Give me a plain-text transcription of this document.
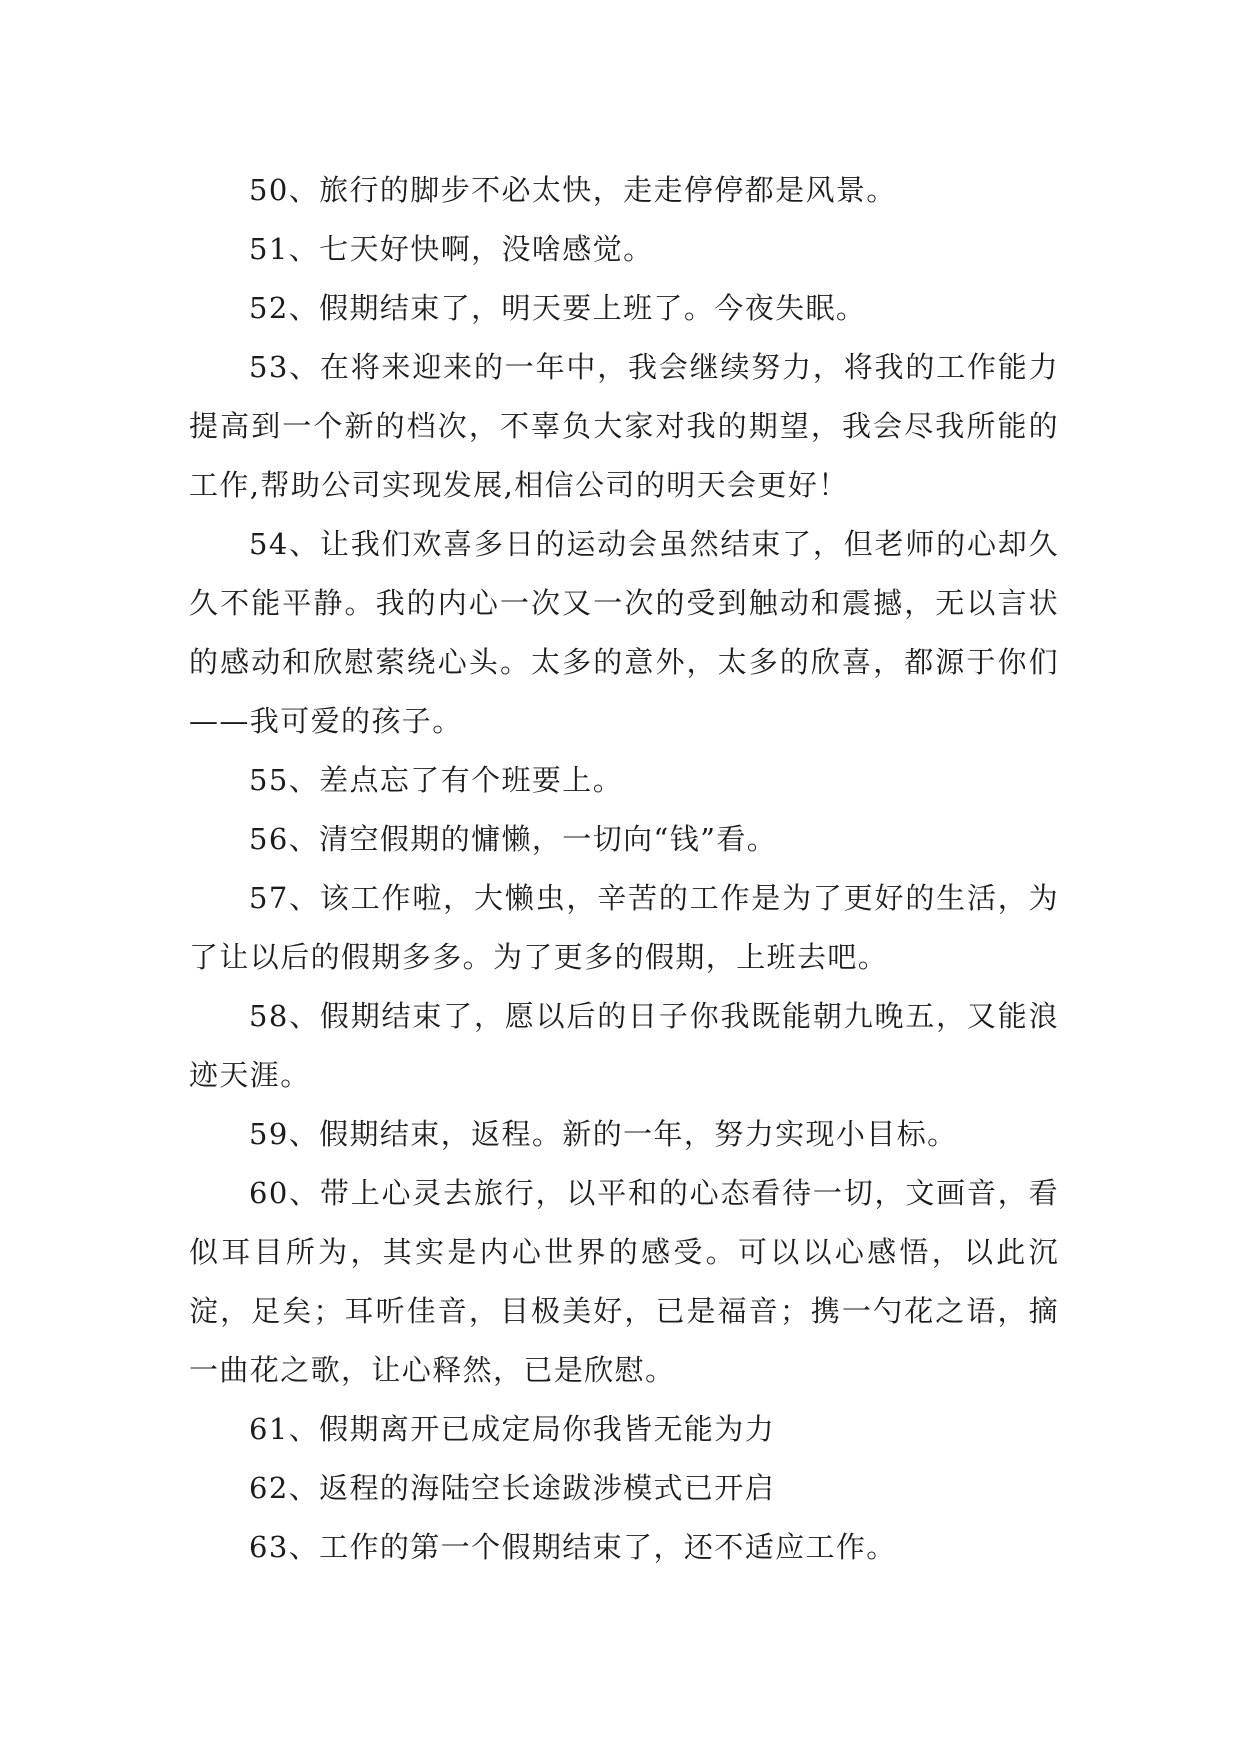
50、旅行的脚步不必太快，走走停停都是风景。

51、七天好快啊，没啥感觉。

52、假期结束了，明天要上班了。今夜失眠。

53、在将来迎来的一年中，我会继续努力，将我的工作能力提高到一个新的档次，不辜负大家对我的期望，我会尽我所能的工作,帮助公司实现发展,相信公司的明天会更好！

54、让我们欢喜多日的运动会虽然结束了，但老师的心却久久不能平静。我的内心一次又一次的受到触动和震撼，无以言状的感动和欣慰萦绕心头。太多的意外，太多的欣喜，都源于你们——我可爱的孩子。

55、差点忘了有个班要上。

56、清空假期的慵懒，一切向“钱”看。

57、该工作啦，大懒虫，辛苦的工作是为了更好的生活，为了让以后的假期多多。为了更多的假期，上班去吧。

58、假期结束了，愿以后的日子你我既能朝九晚五，又能浪迹天涯。

59、假期结束，返程。新的一年，努力实现小目标。

60、带上心灵去旅行，以平和的心态看待一切，文画音，看似耳目所为，其实是内心世界的感受。可以以心感悟，以此沉淀，足矣；耳听佳音，目极美好，已是福音；携一勺花之语，摘一曲花之歌，让心释然，已是欣慰。

61、假期离开已成定局你我皆无能为力

62、返程的海陆空长途跋涉模式已开启

63、工作的第一个假期结束了，还不适应工作。
